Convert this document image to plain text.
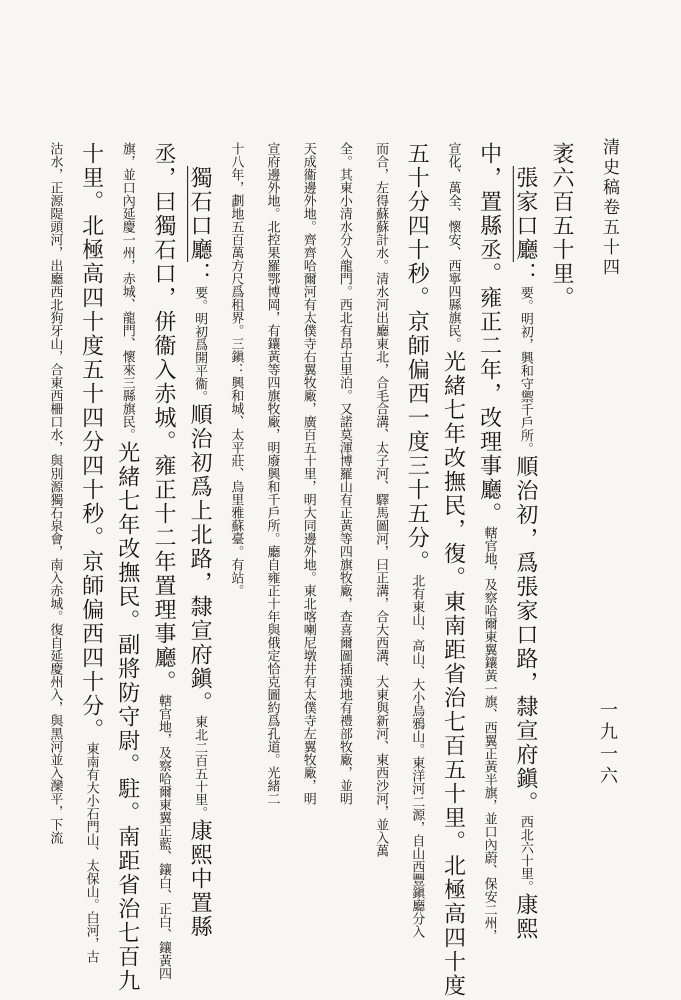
清史稿卷五十四
一九一六
袤六百五十里。
張家口廳：要。明初，興和守禦千戶所。順治初，爲張家口路，隸宣府鎭。西北六十里。康熙
中，置縣丞。雍正二年，改理事廳。轄官地，及察哈爾東翼鑲黃一旗、西翼正黃半旗，並口內蔚、保安二州，
宣化、萬全、懷安、西寧四縣旗民。光緒七年改撫民，復。東南距省治七百五十里。北極高四十度
五十分四十秒。京師偏西一度三十五分。北有東山、高山、大小烏鴉山。東洋河二源，自山西豐鎭廳分入
而合，左得蘇蘇計水。清水河出廳東北，合毛合溝、太子河、驛馬圖河，曰正溝，合大西溝、大東與新河、東西沙河，並入萬
全。其東小清水分入龍門。西北有昂古里泊。又諾莫渾博羅山有正黃等四旗牧廠，查喜爾圖插漢地有禮部牧廠，並明
天成衞邊外地。齊齊哈爾河有太僕寺右翼牧廠，廣百五十里，明大同邊外地。東北喀喇尼墩井有太僕寺左翼牧廠，明
宣府邊外地。北控果羅鄂博岡，有鑲黃等四旗牧廠，明廢興和千戶所。廳自雍正十年與俄定恰克圖約爲孔道。光緒二
十八年，劃地五百萬方尺爲租界。三鎭：興和城、太平莊、烏里雅蘇臺。有站。
獨石口廳：要。明初爲開平衞。順治初爲上北路，隸宣府鎭。東北二百五十里。康熙中置縣
丞，曰獨石口，併衞入赤城。雍正十二年置理事廳。轄官地，及察哈爾東翼正藍、鑲白、正白、鑲黃四
旗，並口內延慶一州，赤城、龍門、懷來三縣旗民。光緒七年改撫民。副將防守尉。駐。南距省治七百九
十里。北極高四十度五十四分四十秒。京師偏西四十分。東南有大小石門山、太保山。白河，古
沽水，正源隄頭河，出廳西北狗牙山，合東西柵口水，與別源獨石泉會，南入赤城。復自延慶州入，與黑河並入灤平，下流
